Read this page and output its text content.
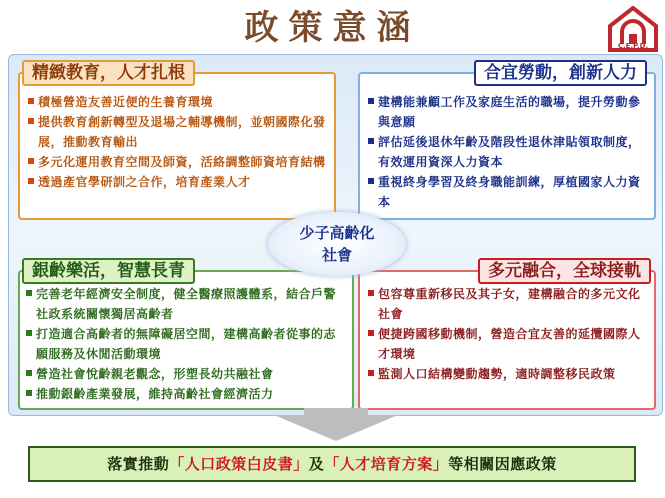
政策意涵	C.E.P.D.
積極營造友善近便的生養育環境
提供教育創新轉型及退場之輔導機制，並朝國際化發展，推動教育輸出
多元化運用教育空間及師資，活絡調整師資培育結構
透過產官學研訓之合作，培育產業人才
精緻教育，人才扎根
建構能兼顧工作及家庭生活的職場，提升勞動參與意願
評估延後退休年齡及階段性退休津貼領取制度，有效運用資深人力資本
重視終身學習及終身職能訓練，厚植國家人力資本
合宜勞動，創新人力
完善老年經濟安全制度，健全醫療照護體系，結合戶警社政系統關懷獨居高齡者
打造適合高齡者的無障礙居空間，建構高齡者從事的志願服務及休閒活動環境
營造社會悅齡親老觀念，形塑長幼共融社會
推動銀齡產業發展，維持高齡社會經濟活力
銀齡樂活，智慧長青
包容尊重新移民及其子女，建構融合的多元文化社會
便捷跨國移動機制，營造合宜友善的延攬國際人才環境
監測人口結構變動趨勢，適時調整移民政策
多元融合，全球接軌
少子高齡化
社會
落實推動「人口政策白皮書」及「人才培育方案」等相關因應政策
